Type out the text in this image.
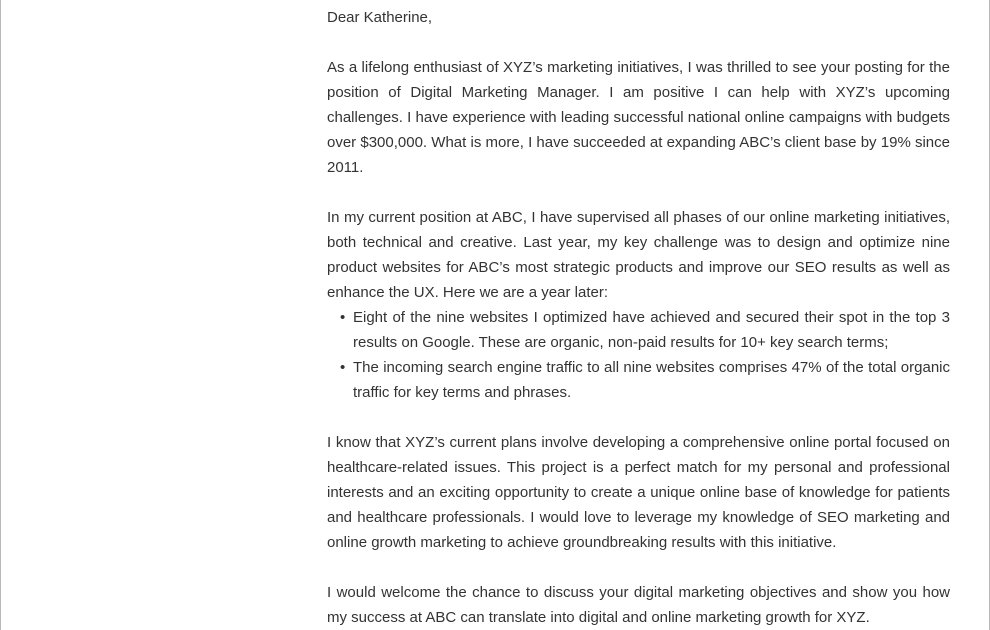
Dear Katherine,

As a lifelong enthusiast of XYZ’s marketing initiatives, I was thrilled to see your posting for the position of Digital Marketing Manager. I am positive I can help with XYZ’s upcoming challenges. I have experience with leading successful national online campaigns with budgets over $300,000. What is more, I have succeeded at expanding ABC’s client base by 19% since 2011.

In my current position at ABC, I have supervised all phases of our online marketing initiatives, both technical and creative. Last year, my key challenge was to design and optimize nine product websites for ABC’s most strategic products and improve our SEO results as well as enhance the UX. Here we are a year later:

• Eight of the nine websites I optimized have achieved and secured their spot in the top 3 results on Google. These are organic, non-paid results for 10+ key search terms;
• The incoming search engine traffic to all nine websites comprises 47% of the total organic traffic for key terms and phrases.

I know that XYZ’s current plans involve developing a comprehensive online portal focused on healthcare-related issues. This project is a perfect match for my personal and professional interests and an exciting opportunity to create a unique online base of knowledge for patients and healthcare professionals. I would love to leverage my knowledge of SEO marketing and online growth marketing to achieve groundbreaking results with this initiative.

I would welcome the chance to discuss your digital marketing objectives and show you how my success at ABC can translate into digital and online marketing growth for XYZ.
